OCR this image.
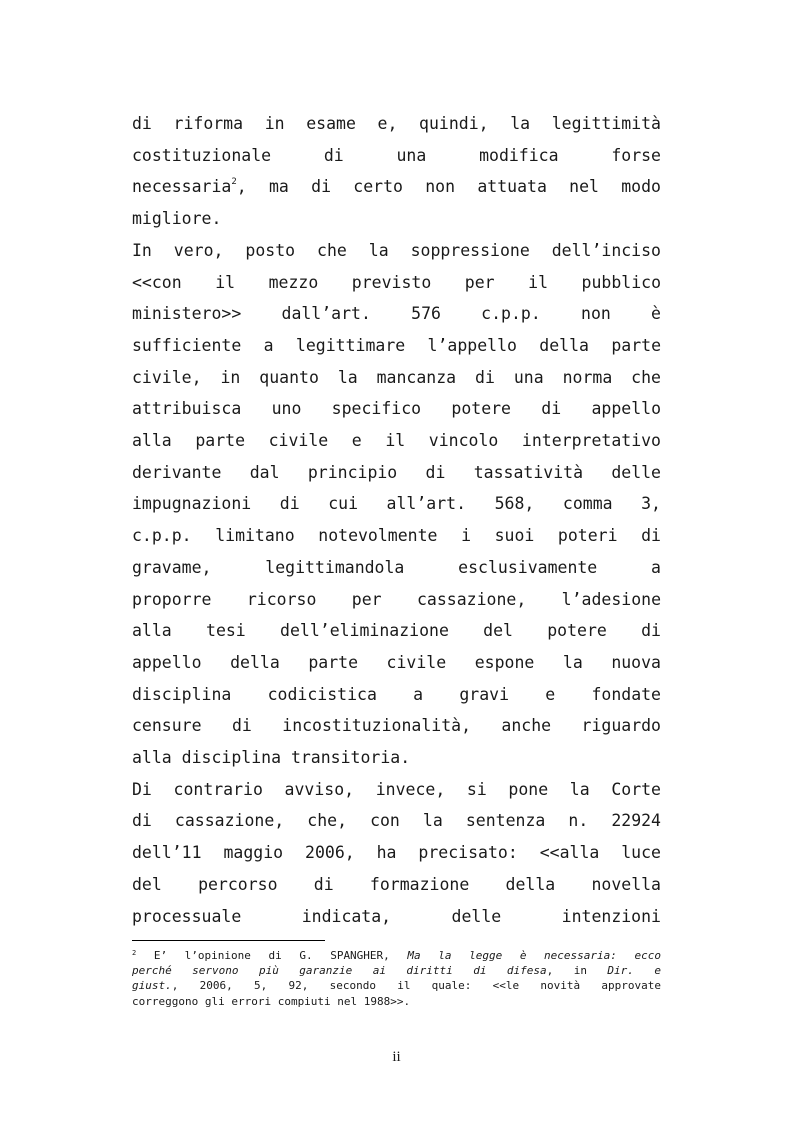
di riforma in esame e, quindi, la legittimità
costituzionale di una modifica forse
necessaria$^2$, ma di certo non attuata nel modo
migliore.

In vero, posto che la soppressione dell’inciso
<<con il mezzo previsto per il pubblico
ministero>> dall’art. 576 c.p.p. non è
sufficiente a legittimare l’appello della parte
civile, in quanto la mancanza di una norma che
attribuisca uno specifico potere di appello
alla parte civile e il vincolo interpretativo
derivante dal principio di tassatività delle
impugnazioni di cui all’art. 568, comma 3,
c.p.p. limitano notevolmente i suoi poteri di
gravame, legittimandola esclusivamente a
proporre ricorso per cassazione, l’adesione
alla tesi dell’eliminazione del potere di
appello della parte civile espone la nuova
disciplina codicistica a gravi e fondate
censure di incostituzionalità, anche riguardo
alla disciplina transitoria.

Di contrario avviso, invece, si pone la Corte
di cassazione, che, con la sentenza n. 22924
dell’11 maggio 2006, ha precisato: <<alla luce
del percorso di formazione della novella
processuale indicata, delle intenzioni

$^2$ E’ l’opinione di G. SPANGHER, Ma la legge è necessaria: ecco
perché servono più garanzie ai diritti di difesa, in Dir. e
giust., 2006, 5, 92, secondo il quale: <<le novità approvate
correggono gli errori compiuti nel 1988>>.
ii
